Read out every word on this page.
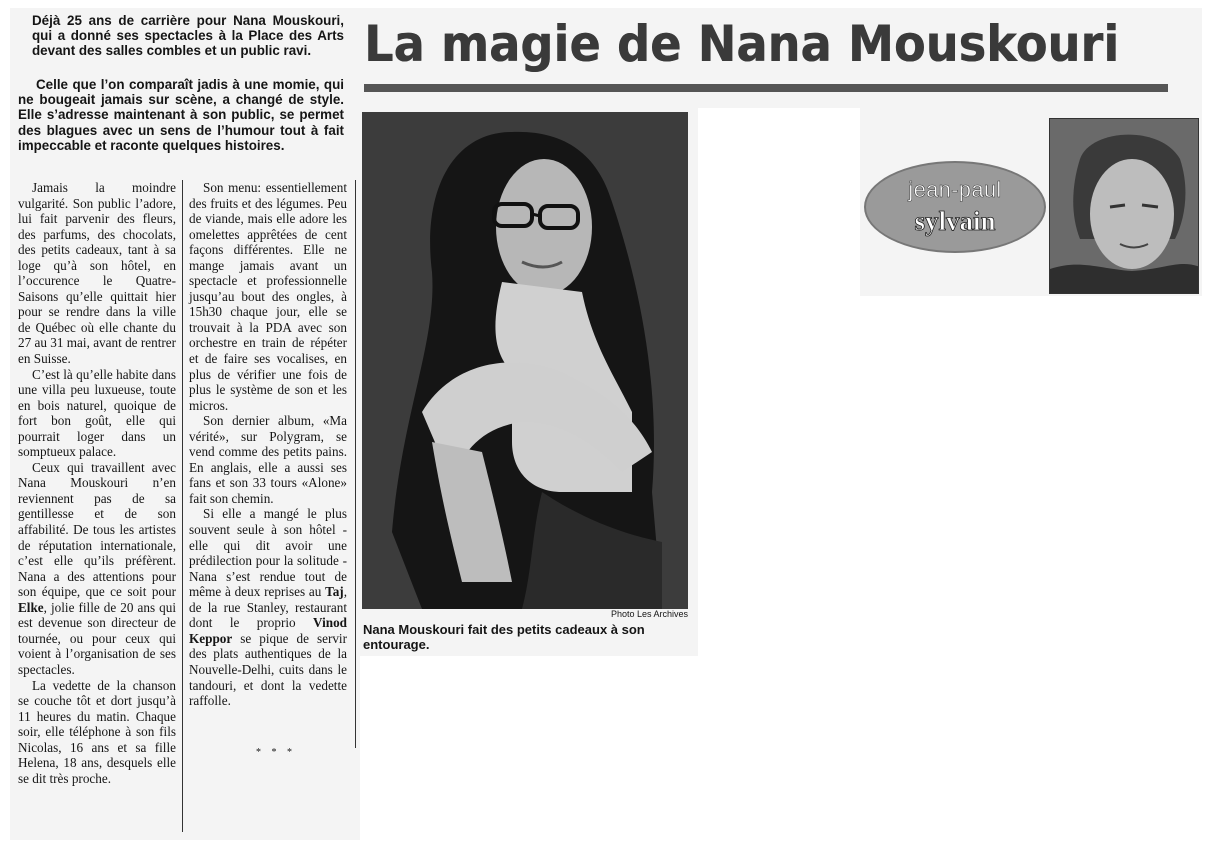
La magie de Nana Mouskouri

Déjà 25 ans de carrière pour Nana Mouskouri, qui a donné ses spectacles à la Place des Arts devant des salles combles et un public ravi.

Celle que l’on comparaît jadis à une momie, qui ne bougeait jamais sur scène, a changé de style. Elle s’adresse maintenant à son public, se permet des blagues avec un sens de l’humour tout à fait impeccable et raconte quelques histoires.

Jamais la moindre vulgarité. Son public l’adore, lui fait parvenir des fleurs, des parfums, des chocolats, des petits cadeaux, tant à sa loge qu’à son hôtel, en l’occurence le Quatre-Saisons qu’elle quittait hier pour se rendre dans la ville de Québec où elle chante du 27 au 31 mai, avant de rentrer en Suisse.

C’est là qu’elle habite dans une villa peu luxueuse, toute en bois naturel, quoique de fort bon goût, elle qui pourrait loger dans un somptueux palace.

Ceux qui travaillent avec Nana Mouskouri n’en reviennent pas de sa gentillesse et de son affabilité. De tous les artistes de réputation internationale, c’est elle qu’ils préfèrent. Nana a des attentions pour son équipe, que ce soit pour Elke, jolie fille de 20 ans qui est devenue son directeur de tournée, ou pour ceux qui voient à l’organisation de ses spectacles.

La vedette de la chanson se couche tôt et dort jusqu’à 11 heures du matin. Chaque soir, elle téléphone à son fils Nicolas, 16 ans et sa fille Helena, 18 ans, desquels elle se dit très proche.

Son menu: essentiellement des fruits et des légumes. Peu de viande, mais elle adore les omelettes apprêtées de cent façons différentes. Elle ne mange jamais avant un spectacle et professionnelle jusqu’au bout des ongles, à 15h30 chaque jour, elle se trouvait à la PDA avec son orchestre en train de répéter et de faire ses vocalises, en plus de vérifier une fois de plus le système de son et les micros.

Son dernier album, «Ma vérité», sur Polygram, se vend comme des petits pains. En anglais, elle a aussi ses fans et son 33 tours «Alone» fait son chemin.

Si elle a mangé le plus souvent seule à son hôtel - elle qui dit avoir une prédilection pour la solitude - Nana s’est rendue tout de même à deux reprises au Taj, de la rue Stanley, restaurant dont le proprio Vinod Keppor se pique de servir des plats authentiques de la Nouvelle-Delhi, cuits dans le tandouri, et dont la vedette raffolle.

* * *
Photo Les Archives

Nana Mouskouri fait des petits cadeaux à son entourage.

jean-paul
sylvain
